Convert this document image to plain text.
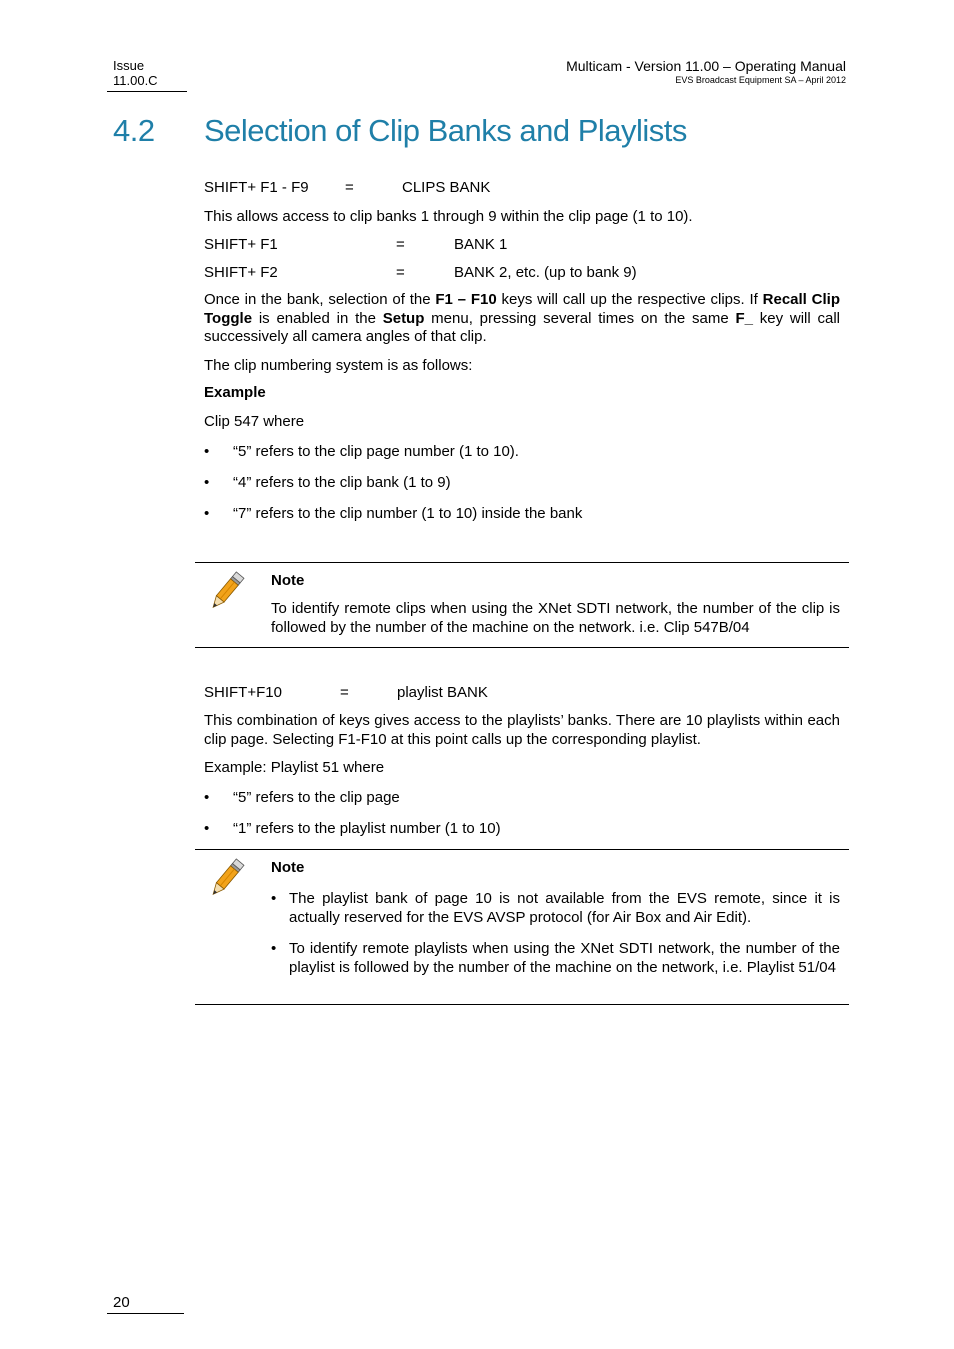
Issue
11.00.C
Multicam - Version 11.00 – Operating Manual
EVS Broadcast Equipment SA – April 2012
4.2 Selection of Clip Banks and Playlists
SHIFT+ F1 - F9 =	CLIPS BANK
This allows access to clip banks 1 through 9 within the clip page (1 to 10).
SHIFT+ F1	=	BANK 1
SHIFT+ F2	=	BANK 2, etc. (up to bank 9)
Once in the bank, selection of the F1 – F10 keys will call up the respective clips. If Recall Clip Toggle is enabled in the Setup menu, pressing several times on the same F_ key will call successively all camera angles of that clip.
The clip numbering system is as follows:
Example
Clip 547 where
• “5” refers to the clip page number (1 to 10).
• “4” refers to the clip bank (1 to 9)
• “7” refers to the clip number (1 to 10) inside the bank
Note
To identify remote clips when using the XNet SDTI network, the number of the clip is followed by the number of the machine on the network. i.e. Clip 547B/04
SHIFT+F10	=	playlist BANK
This combination of keys gives access to the playlists’ banks. There are 10 playlists within each clip page. Selecting F1-F10 at this point calls up the corresponding playlist.
Example: Playlist 51 where
• “5” refers to the clip page
• “1” refers to the playlist number (1 to 10)
Note
• The playlist bank of page 10 is not available from the EVS remote, since it is actually reserved for the EVS AVSP protocol (for Air Box and Air Edit).
• To identify remote playlists when using the XNet SDTI network, the number of the playlist is followed by the number of the machine on the network, i.e. Playlist 51/04
20
